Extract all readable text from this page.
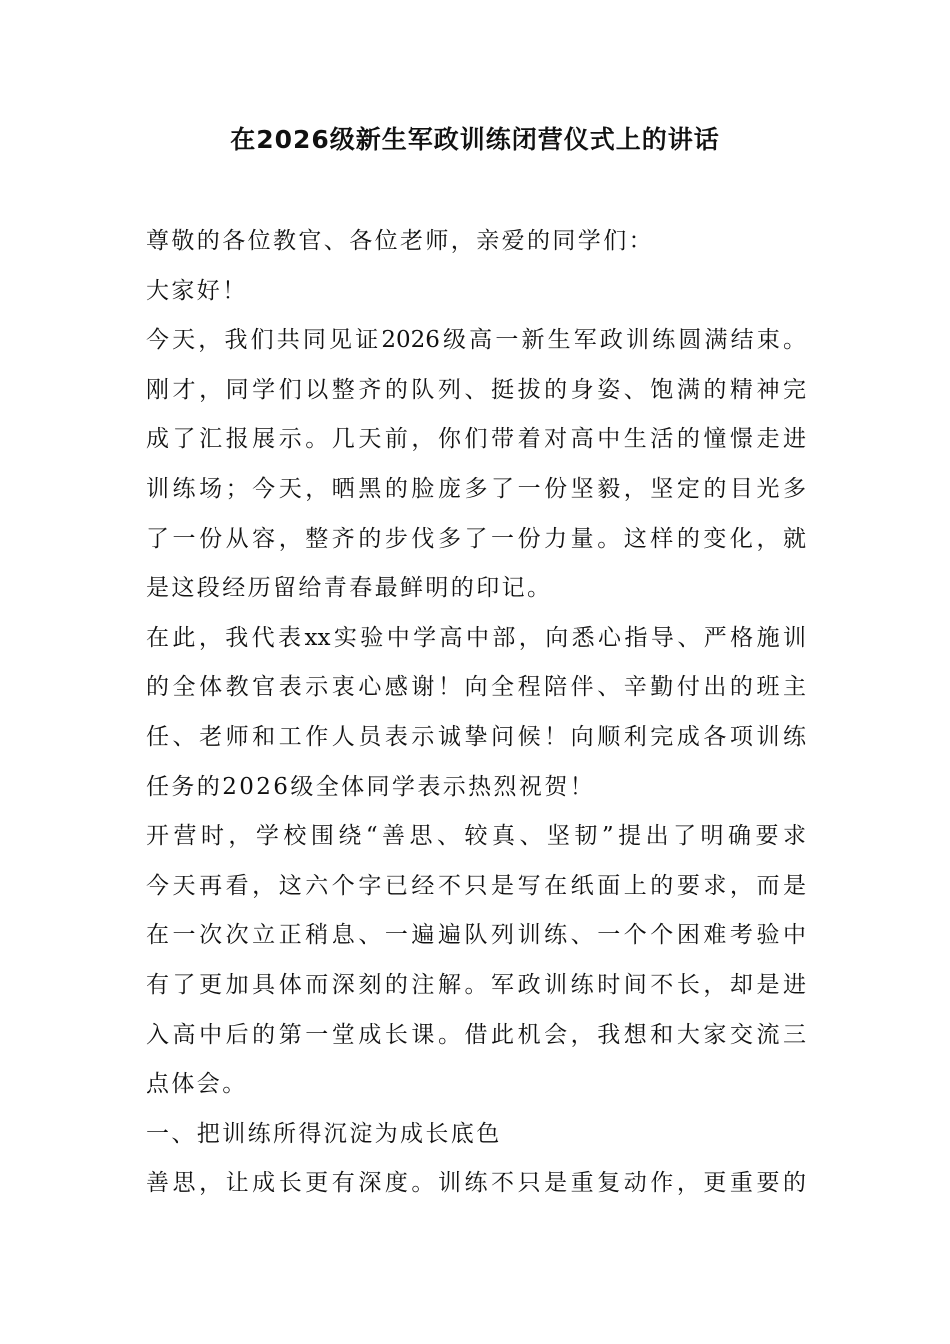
在2026级新生军政训练闭营仪式上的讲话
尊敬的各位教官、各位老师，亲爱的同学们：
大家好！
今天，我们共同见证2026级高一新生军政训练圆满结束。
刚才，同学们以整齐的队列、挺拔的身姿、饱满的精神完
成了汇报展示。几天前，你们带着对高中生活的憧憬走进
训练场；今天，晒黑的脸庞多了一份坚毅，坚定的目光多
了一份从容，整齐的步伐多了一份力量。这样的变化，就
是这段经历留给青春最鲜明的印记。
在此，我代表xx实验中学高中部，向悉心指导、严格施训
的全体教官表示衷心感谢！向全程陪伴、辛勤付出的班主
任、老师和工作人员表示诚挚问候！向顺利完成各项训练
任务的2026级全体同学表示热烈祝贺！
开营时，学校围绕“善思、较真、坚韧”提出了明确要求
今天再看，这六个字已经不只是写在纸面上的要求，而是
在一次次立正稍息、一遍遍队列训练、一个个困难考验中
有了更加具体而深刻的注解。军政训练时间不长，却是进
入高中后的第一堂成长课。借此机会，我想和大家交流三
点体会。
一、把训练所得沉淀为成长底色
善思，让成长更有深度。训练不只是重复动作，更重要的
